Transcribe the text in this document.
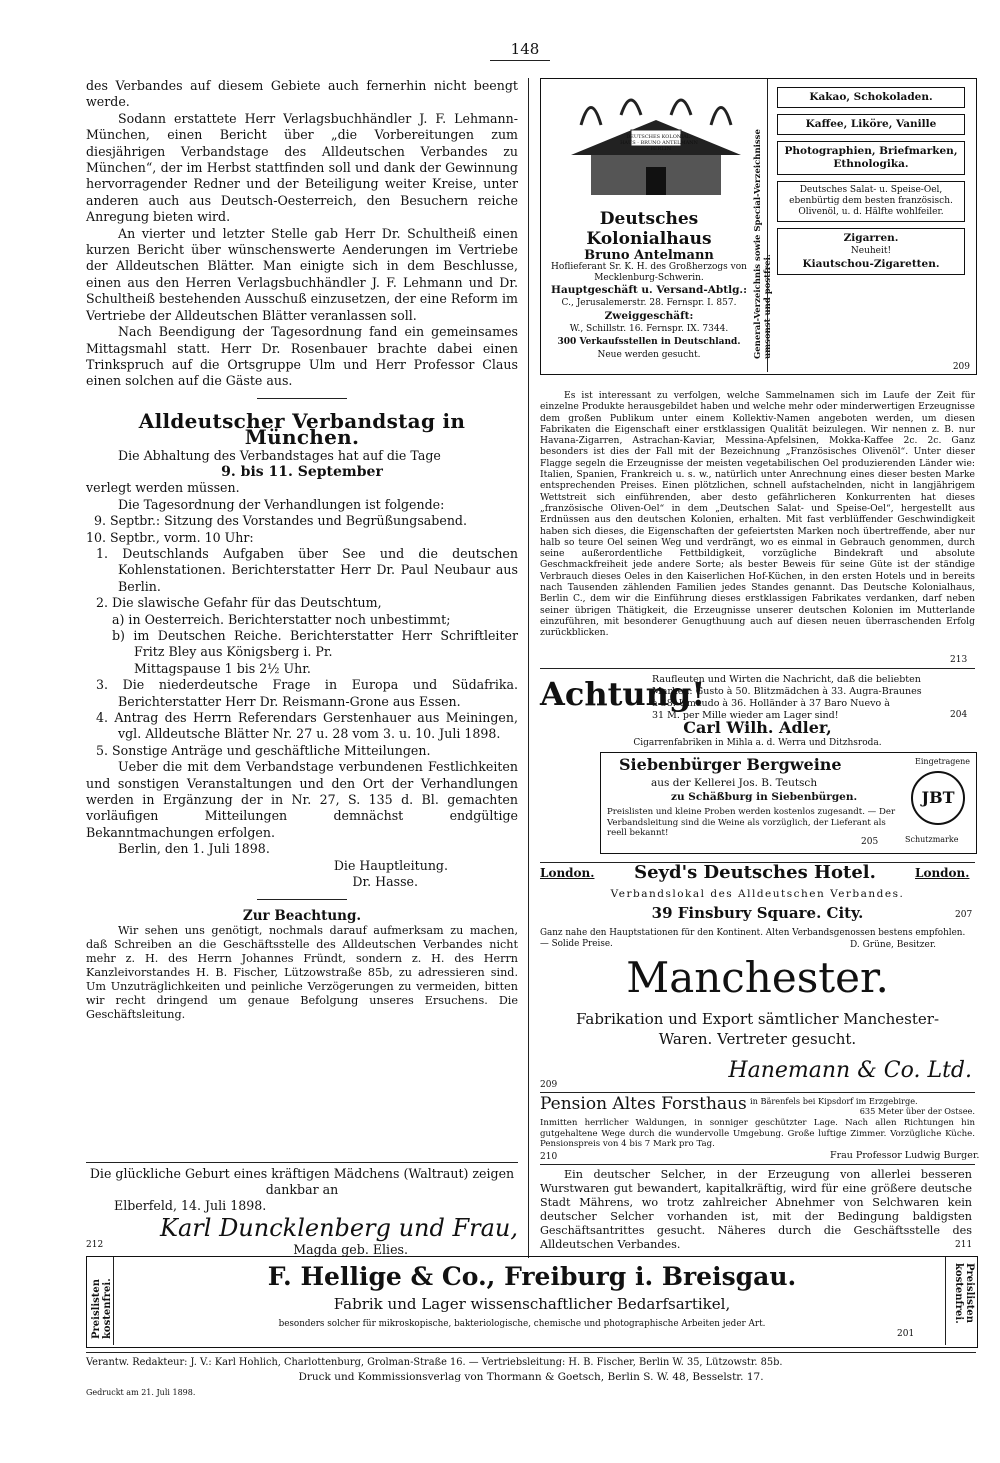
148

des Verbandes auf diesem Gebiete auch fernerhin nicht beengt werde.

Sodann erstattete Herr Verlagsbuchhändler J. F. Lehmann-München, einen Bericht über „die Vorbereitungen zum diesjährigen Verbandstage des Alldeutschen Verbandes zu München“, der im Herbst stattfinden soll und dank der Gewinnung hervorragender Redner und der Beteiligung weiter Kreise, unter anderen auch aus Deutsch-Oesterreich, den Besuchern reiche Anregung bieten wird.

An vierter und letzter Stelle gab Herr Dr. Schultheiß einen kurzen Bericht über wünschenswerte Aenderungen im Vertriebe der Alldeutschen Blätter. Man einigte sich in dem Beschlusse, einen aus den Herren Verlagsbuchhändler J. F. Lehmann und Dr. Schultheiß bestehenden Ausschuß einzusetzen, der eine Reform im Vertriebe der Alldeutschen Blätter veranlassen soll.

Nach Beendigung der Tagesordnung fand ein gemeinsames Mittagsmahl statt. Herr Dr. Rosenbauer brachte dabei einen Trinkspruch auf die Ortsgruppe Ulm und Herr Professor Claus einen solchen auf die Gäste aus.

Alldeutscher Verbandstag in München.

Die Abhaltung des Verbandstages hat auf die Tage

9. bis 11. September

verlegt werden müssen.

Die Tagesordnung der Verhandlungen ist folgende:

9. Septbr.: Sitzung des Vorstandes und Begrüßungsabend.

10. Septbr., vorm. 10 Uhr:

1. Deutschlands Aufgaben über See und die deutschen Kohlenstationen. Berichterstatter Herr Dr. Paul Neubaur aus Berlin.

2. Die slawische Gefahr für das Deutschtum,

a) in Oesterreich. Berichterstatter noch unbestimmt;

b) im Deutschen Reiche. Berichterstatter Herr Schriftleiter Fritz Bley aus Königsberg i. Pr.

Mittagspause 1 bis 2½ Uhr.

3. Die niederdeutsche Frage in Europa und Südafrika. Berichterstatter Herr Dr. Reismann-Grone aus Essen.

4. Antrag des Herrn Referendars Gerstenhauer aus Meiningen, vgl. Alldeutsche Blätter Nr. 27 u. 28 vom 3. u. 10. Juli 1898.

5. Sonstige Anträge und geschäftliche Mitteilungen.

Ueber die mit dem Verbandstage verbundenen Festlichkeiten und sonstigen Veranstaltungen und den Ort der Verhandlungen werden in Ergänzung der in Nr. 27, S. 135 d. Bl. gemachten vorläufigen Mitteilungen demnächst endgültige Bekanntmachungen erfolgen.

Berlin, den 1. Juli 1898.

Die Hauptleitung.

Dr. Hasse.

Zur Beachtung.

Wir sehen uns genötigt, nochmals darauf aufmerksam zu machen, daß Schreiben an die Geschäftsstelle des Alldeutschen Verbandes nicht mehr z. H. des Herrn Johannes Fründt, sondern z. H. des Herrn Kanzleivorstandes H. B. Fischer, Lützowstraße 85b, zu adressieren sind. Um Unzuträglichkeiten und peinliche Verzögerungen zu vermeiden, bitten wir recht dringend um genaue Befolgung unseres Ersuchens. Die Geschäftsleitung.

Die glückliche Geburt eines kräftigen Mädchens (Waltraut) zeigen dankbar an
Elberfeld, 14. Juli 1898.
Karl Duncklenberg und Frau,
Magda geb. Elies.
212
DEUTSCHES KOLONIAL-HAUS · BRUNO ANTELMANN · BERLIN
Deutsches Kolonialhaus
Bruno Antelmann
Hoflieferant Sr. K. H. des Großherzogs von Mecklenburg-Schwerin.
Hauptgeschäft u. Versand-Abtlg.:
C., Jerusalemerstr. 28. Fernspr. I. 857.
Zweiggeschäft:
W., Schillstr. 16. Fernspr. IX. 7344.
300 Verkaufsstellen in Deutschland.
Neue werden gesucht.	General-Verzeichnis sowie Special-Verzeichnisse umsonst und postfrei.
Kakao, Schokoladen.
Kaffee, Liköre, Vanille
Photographien, Briefmarken, Ethnologika.
Deutsches Salat- u. Speise-Oel, ebenbürtig dem besten französisch. Olivenöl, u. d. Hälfte wohlfeiler.
Zigarren.
Neuheit!
Kiautschou-Zigaretten.
209
Es ist interessant zu verfolgen, welche Sammelnamen sich im Laufe der Zeit für einzelne Produkte herausgebildet haben und welche mehr oder minderwertigen Erzeugnisse dem großen Publikum unter einem Kollektiv-Namen angeboten werden, um diesen Fabrikaten die Eigenschaft einer erstklassigen Qualität beizulegen. Wir nennen z. B. nur Havana-Zigarren, Astrachan-Kaviar, Messina-Apfelsinen, Mokka-Kaffee 2c. 2c. Ganz besonders ist dies der Fall mit der Bezeichnung „Französisches Olivenöl“. Unter dieser Flagge segeln die Erzeugnisse der meisten vegetabilischen Oel produzierenden Länder wie: Italien, Spanien, Frankreich u. s. w., natürlich unter Anrechnung eines dieser besten Marke entsprechenden Preises. Einen plötzlichen, schnell aufstachelnden, nicht in langjährigem Wettstreit sich einführenden, aber desto gefährlicheren Konkurrenten hat dieses „französische Oliven-Oel“ in dem „Deutschen Salat- und Speise-Oel“, hergestellt aus Erdnüssen aus den deutschen Kolonien, erhalten. Mit fast verblüffender Geschwindigkeit haben sich dieses, die Eigenschaften der gefeiertsten Marken noch übertreffende, aber nur halb so teure Oel seinen Weg und verdrängt, wo es einmal in Gebrauch genommen, durch seine außerordentliche Fettbildigkeit, vorzügliche Bindekraft und absolute Geschmackfreiheit jede andere Sorte; als bester Beweis für seine Güte ist der ständige Verbrauch dieses Oeles in den Kaiserlichen Hof-Küchen, in den ersten Hotels und in bereits nach Tausenden zählenden Familien jedes Standes genannt. Das Deutsche Kolonialhaus, Berlin C., dem wir die Einführung dieses erstklassigen Fabrikates verdanken, darf neben seiner übrigen Thätigkeit, die Erzeugnisse unserer deutschen Kolonien im Mutterlande einzuführen, mit besonderer Genugthuung auch auf diesen neuen überraschenden Erfolg zurückblicken.
213
Achtung!
Raufleuten und Wirten die Nachricht, daß die beliebten
Marken: Gusto à 50. Blitzmädchen à 33. Augra-Braunes
à 38. Umaudo à 36. Holländer à 37 Baro Nuevo à
31 M. per Mille wieder am Lager sind!	204
Carl Wilh. Adler,
Cigarrenfabriken in Mihla a. d. Werra und Ditzhsroda.
Siebenbürger Bergweine	Eingetragene
aus der Kellerei Jos. B. Teutsch
zu Schäßburg in Siebenbürgen.
Preislisten und kleine Proben werden kostenlos zugesandt. — Der Verbandsleitung sind die Weine als vorzüglich, der Lieferant als reell bekannt!
205
JBT
Schutzmarke
London.	Seyd's Deutsches Hotel.	London.
Verbandslokal des Alldeutschen Verbandes.
39 Finsbury Square. City.	207
Ganz nahe den Hauptstationen für den Kontinent. Alten Verbandsgenossen bestens empfohlen. — Solide Preise.	D. Grüne, Besitzer.
Manchester.
Fabrikation und Export sämtlicher Manchester-
Waren. Vertreter gesucht.
209
Hanemann & Co. Ltd.
Pension Altes Forsthaus in Bärenfels bei Kipsdorf im Erzgebirge.
635 Meter über der Ostsee.
Inmitten herrlicher Waldungen, in sonniger geschützter Lage. Nach allen Richtungen hin gutgehaltene Wege durch die wundervolle Umgebung. Große luftige Zimmer. Vorzügliche Küche. Pensionspreis von 4 bis 7 Mark pro Tag.
210	Frau Professor Ludwig Burger.
Ein deutscher Selcher, in der Erzeugung von allerlei besseren Wurstwaren gut bewandert, kapitalkräftig, wird für eine größere deutsche Stadt Mährens, wo trotz zahlreicher Abnehmer von Selchwaren kein deutscher Selcher vorhanden ist, mit der Bedingung baldigsten Geschäftsantrittes gesucht. Näheres durch die Geschäftsstelle des Alldeutschen Verbandes.	211
Preislisten kostenfrei.
F. Hellige & Co., Freiburg i. Breisgau.
Fabrik und Lager wissenschaftlicher Bedarfsartikel,
besonders solcher für mikroskopische, bakteriologische, chemische und photographische Arbeiten jeder Art.
201
Preislisten kostenfrei.
Verantw. Redakteur: J. V.: Karl Hohlich, Charlottenburg, Grolman-Straße 16. — Vertriebsleitung: H. B. Fischer, Berlin W. 35, Lützowstr. 85b.
Druck und Kommissionsverlag von Thormann & Goetsch, Berlin S. W. 48, Besselstr. 17.
Gedruckt am 21. Juli 1898.
